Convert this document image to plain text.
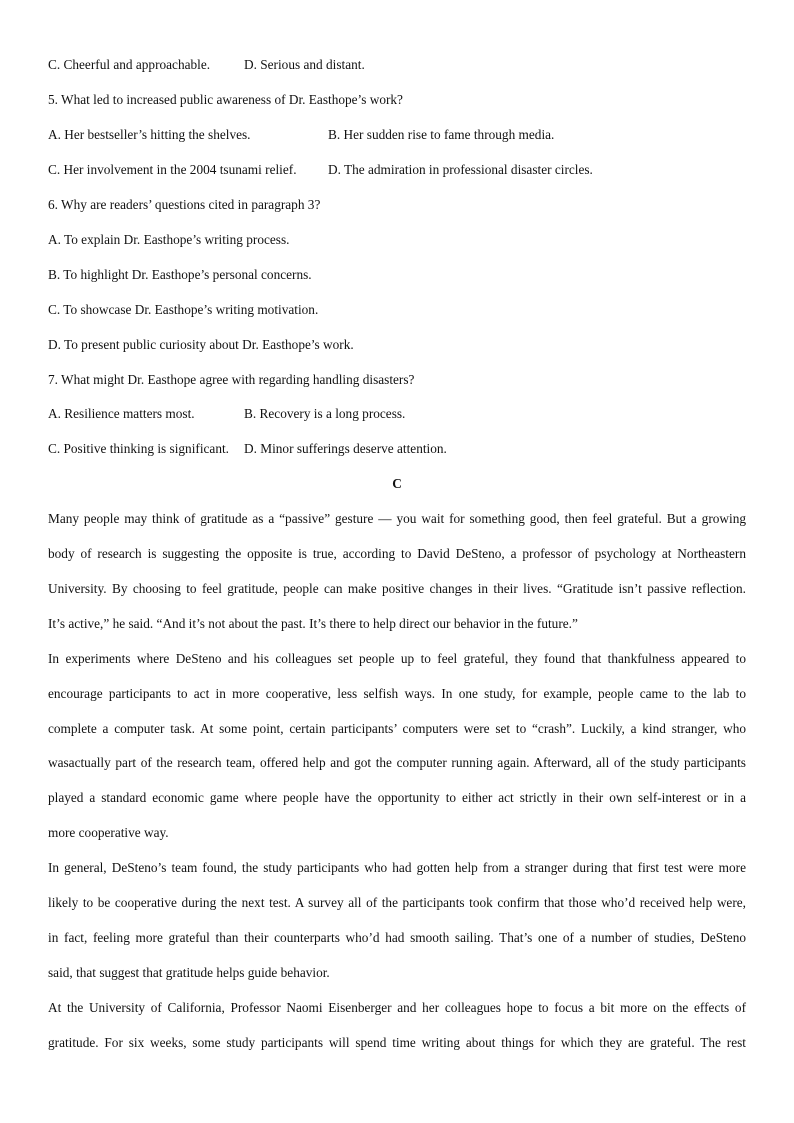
C. Cheerful and approachable.	D. Serious and distant.
5. What led to increased public awareness of Dr. Easthope’s work?
A. Her bestseller’s hitting the shelves.	B. Her sudden rise to fame through media.
C. Her involvement in the 2004 tsunami relief. D. The admiration in professional disaster circles.
6. Why are readers’ questions cited in paragraph 3?
A. To explain Dr. Easthope’s writing process.
B. To highlight Dr. Easthope’s personal concerns.
C. To showcase Dr. Easthope’s writing motivation.
D. To present public curiosity about Dr. Easthope’s work.
7. What might Dr. Easthope agree with regarding handling disasters?
A. Resilience matters most.	B. Recovery is a long process.
C. Positive thinking is significant. D. Minor sufferings deserve attention.
C
Many people may think of gratitude as a “passive” gesture — you wait for something good, then feel grateful. But a growing
body of research is suggesting the opposite is true, according to David DeSteno, a professor of psychology at Northeastern
University. By choosing to feel gratitude, people can make positive changes in their lives. “Gratitude isn’t passive reflection.
It’s active,” he said. “And it’s not about the past. It’s there to help direct our behavior in the future.”
In experiments where DeSteno and his colleagues set people up to feel grateful, they found that thankfulness appeared to
encourage participants to act in more cooperative, less selfish ways. In one study, for example, people came to the lab to
complete a computer task. At some point, certain participants’ computers were set to “crash”. Luckily, a kind stranger, who
wasactually part of the research team, offered help and got the computer running again. Afterward, all of the study participants
played a standard economic game where people have the opportunity to either act strictly in their own self-interest or in a
more cooperative way.
In general, DeSteno’s team found, the study participants who had gotten help from a stranger during that first test were more
likely to be cooperative during the next test. A survey all of the participants took confirm that those who’d received help were,
in fact, feeling more grateful than their counterparts who’d had smooth sailing. That’s one of a number of studies, DeSteno
said, that suggest that gratitude helps guide behavior.
At the University of California, Professor Naomi Eisenberger and her colleagues hope to focus a bit more on the effects of
gratitude. For six weeks, some study participants will spend time writing about things for which they are grateful. The rest
